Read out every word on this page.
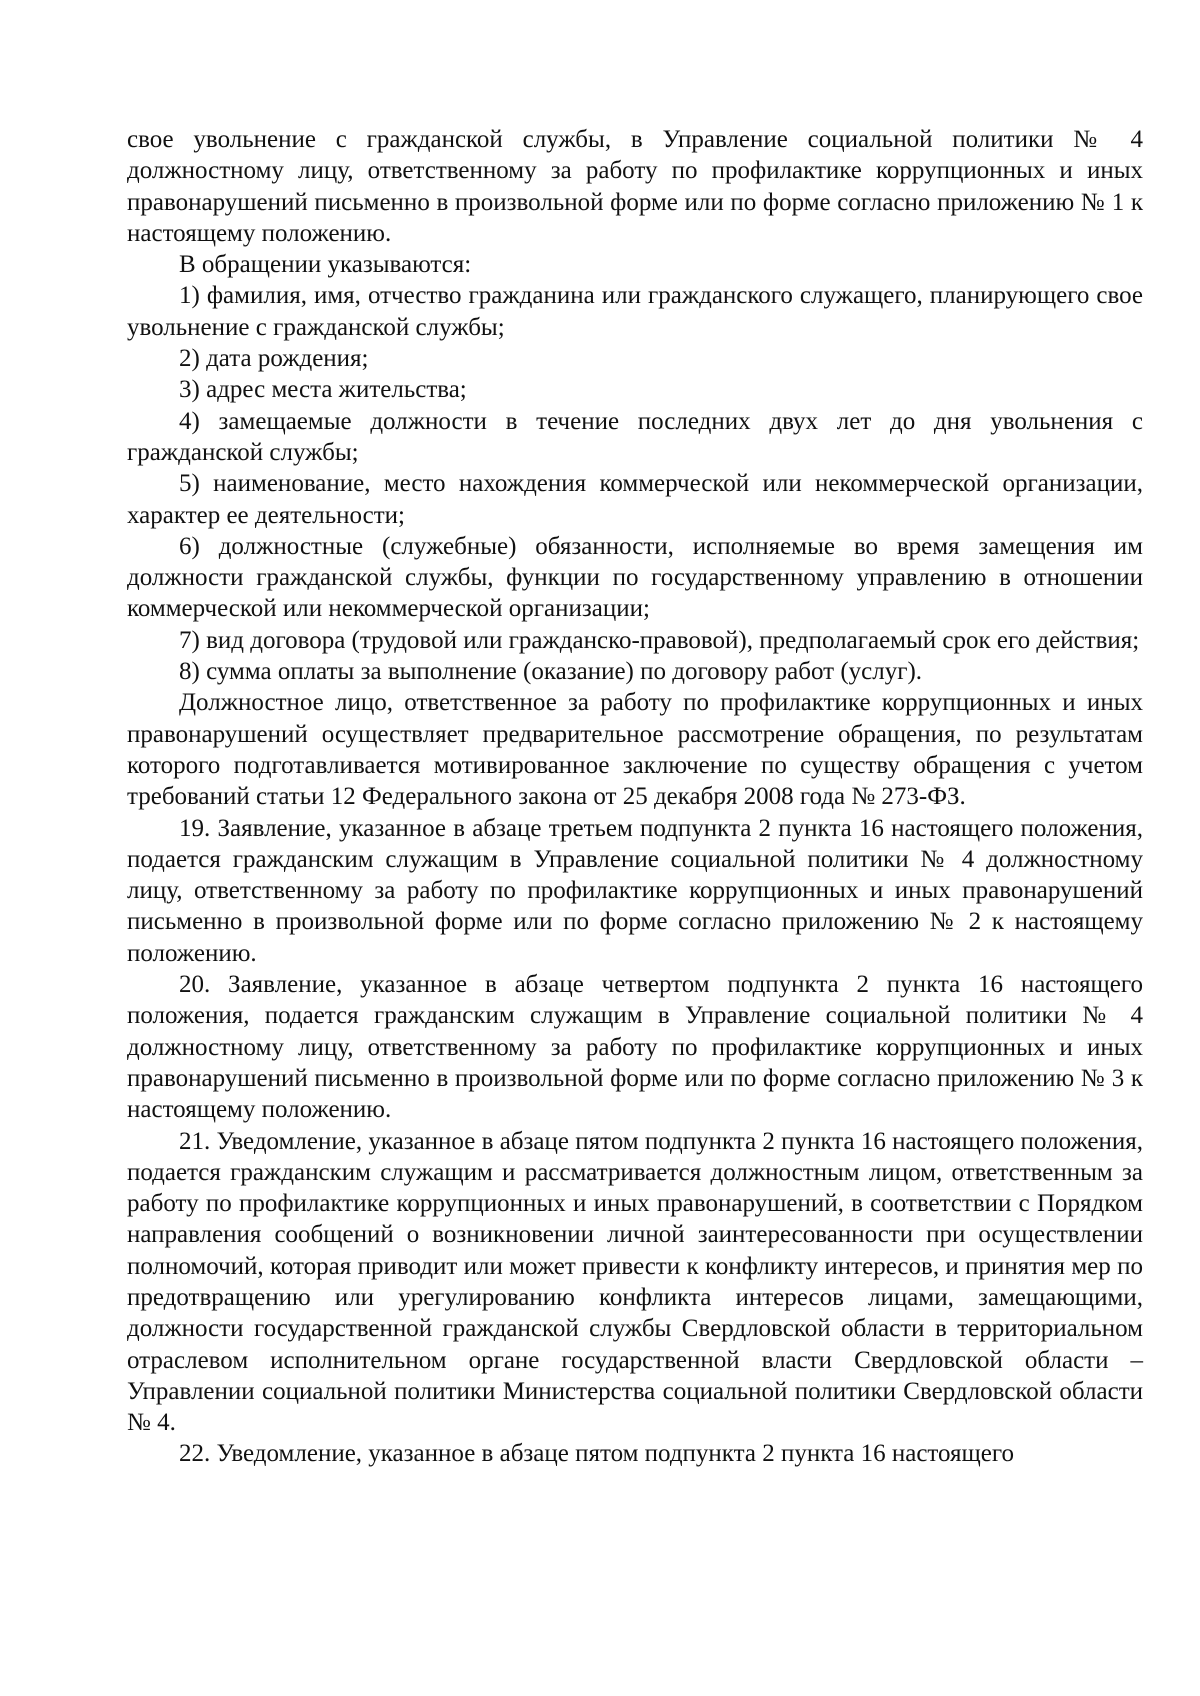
свое увольнение с гражданской службы, в Управление социальной политики № 4 должностному лицу, ответственному за работу по профилактике коррупционных и иных правонарушений письменно в произвольной форме или по форме согласно приложению № 1 к настоящему положению.

В обращении указываются:

1) фамилия, имя, отчество гражданина или гражданского служащего, планирующего свое увольнение с гражданской службы;

2) дата рождения;

3) адрес места жительства;

4) замещаемые должности в течение последних двух лет до дня увольнения с гражданской службы;

5) наименование, место нахождения коммерческой или некоммерческой организации, характер ее деятельности;

6) должностные (служебные) обязанности, исполняемые во время замещения им должности гражданской службы, функции по государственному управлению в отношении коммерческой или некоммерческой организации;

7) вид договора (трудовой или гражданско-правовой), предполагаемый срок его действия;

8) сумма оплаты за выполнение (оказание) по договору работ (услуг).

Должностное лицо, ответственное за работу по профилактике коррупционных и иных правонарушений осуществляет предварительное рассмотрение обращения, по результатам которого подготавливается мотивированное заключение по существу обращения с учетом требований статьи 12 Федерального закона от 25 декабря 2008 года № 273-ФЗ.

19. Заявление, указанное в абзаце третьем подпункта 2 пункта 16 настоящего положения, подается гражданским служащим в Управление социальной политики № 4 должностному лицу, ответственному за работу по профилактике коррупционных и иных правонарушений письменно в произвольной форме или по форме согласно приложению № 2 к настоящему положению.

20. Заявление, указанное в абзаце четвертом подпункта 2 пункта 16 настоящего положения, подается гражданским служащим в Управление социальной политики № 4 должностному лицу, ответственному за работу по профилактике коррупционных и иных правонарушений письменно в произвольной форме или по форме согласно приложению № 3 к настоящему положению.

21. Уведомление, указанное в абзаце пятом подпункта 2 пункта 16 настоящего положения, подается гражданским служащим и рассматривается должностным лицом, ответственным за работу по профилактике коррупционных и иных правонарушений, в соответствии с Порядком направления сообщений о возникновении личной заинтересованности при осуществлении полномочий, которая приводит или может привести к конфликту интересов, и принятия мер по предотвращению или урегулированию конфликта интересов лицами, замещающими, должности государственной гражданской службы Свердловской области в территориальном отраслевом исполнительном органе государственной власти Свердловской области – Управлении социальной политики Министерства социальной политики Свердловской области № 4.

22. Уведомление, указанное в абзаце пятом подпункта 2 пункта 16 настоящего
